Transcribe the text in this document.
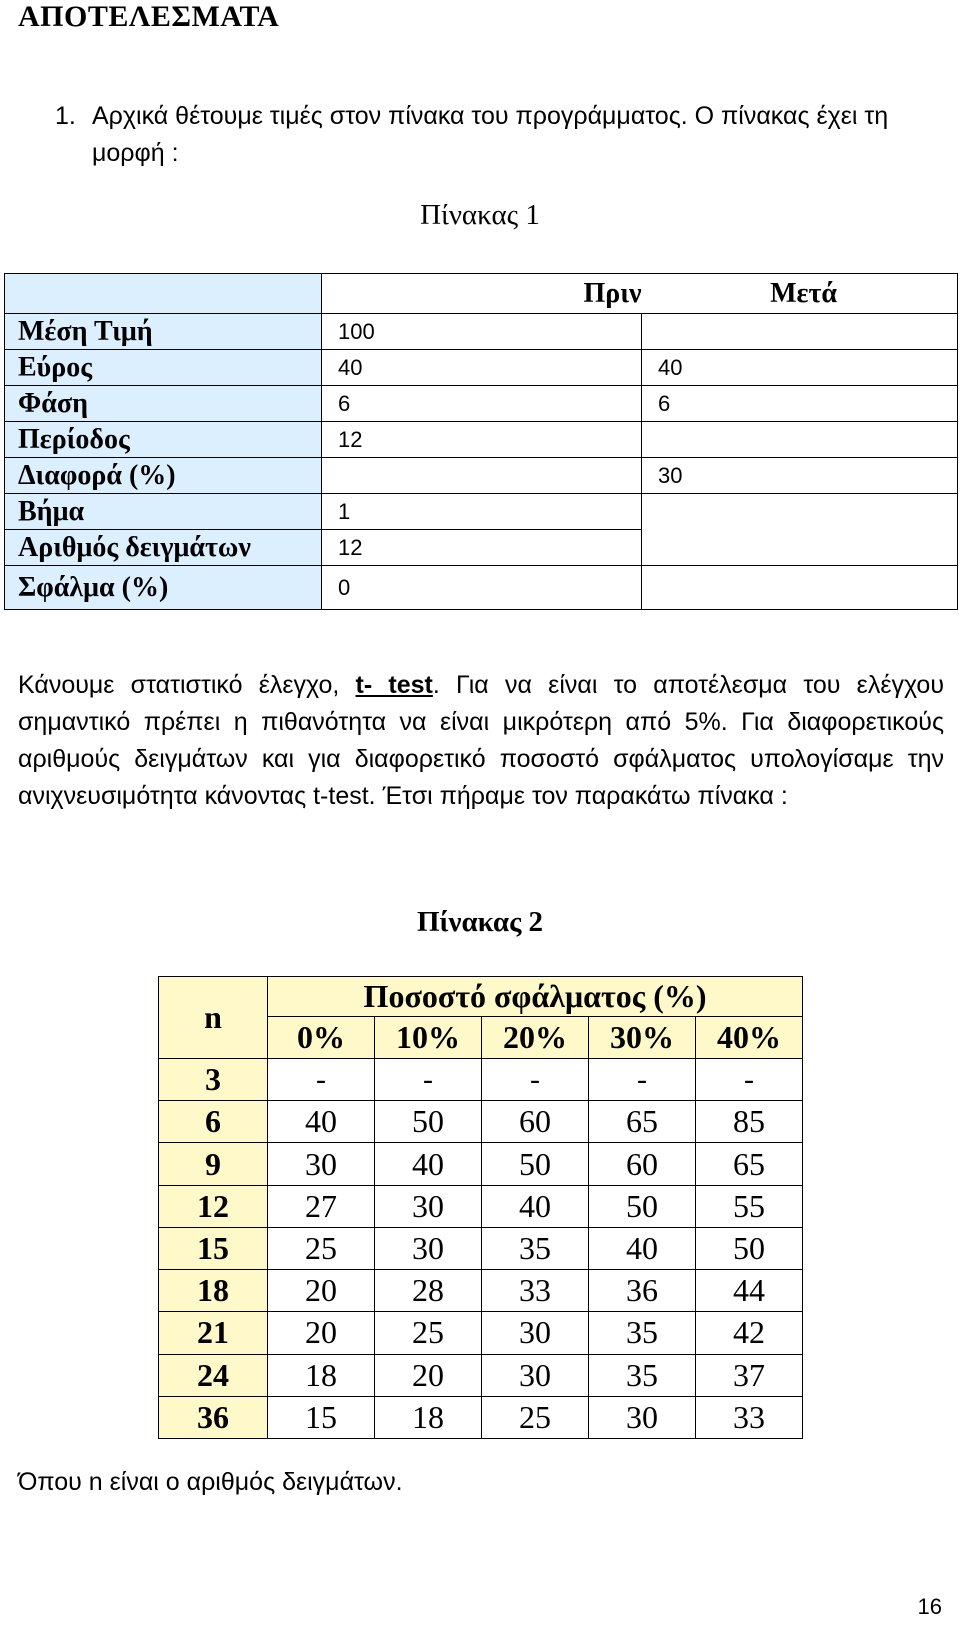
ΑΠΟΤΕΛΕΣΜΑΤΑ
1. Αρχικά θέτουμε τιμές στον πίνακα του προγράμματος. Ο πίνακας έχει τη μορφή :
Πίνακας 1
	Πριν	Μετά
Μέση Τιμή	100	
Εύρος	40	40
Φάση	6	6
Περίοδος	12	
Διαφορά (%)		30
Βήμα	1	
Αριθμός δειγμάτων	12	
Σφάλμα (%)	0	
Κάνουμε στατιστικό έλεγχο, t- test. Για να είναι το αποτέλεσμα του ελέγχου σημαντικό πρέπει η πιθανότητα να είναι μικρότερη από 5%. Για διαφορετικούς αριθμούς δειγμάτων και για διαφορετικό ποσοστό σφάλματος υπολογίσαμε την ανιχνευσιμότητα κάνοντας t-test. Έτσι πήραμε τον παρακάτω πίνακα :
Πίνακας 2
n	Ποσοστό σφάλματος (%)				
	0%	10%	20%	30%	40%
3	-	-	-	-	-
6	40	50	60	65	85
9	30	40	50	60	65
12	27	30	40	50	55
15	25	30	35	40	50
18	20	28	33	36	44
21	20	25	30	35	42
24	18	20	30	35	37
36	15	18	25	30	33
Όπου n είναι ο αριθμός δειγμάτων.
16
